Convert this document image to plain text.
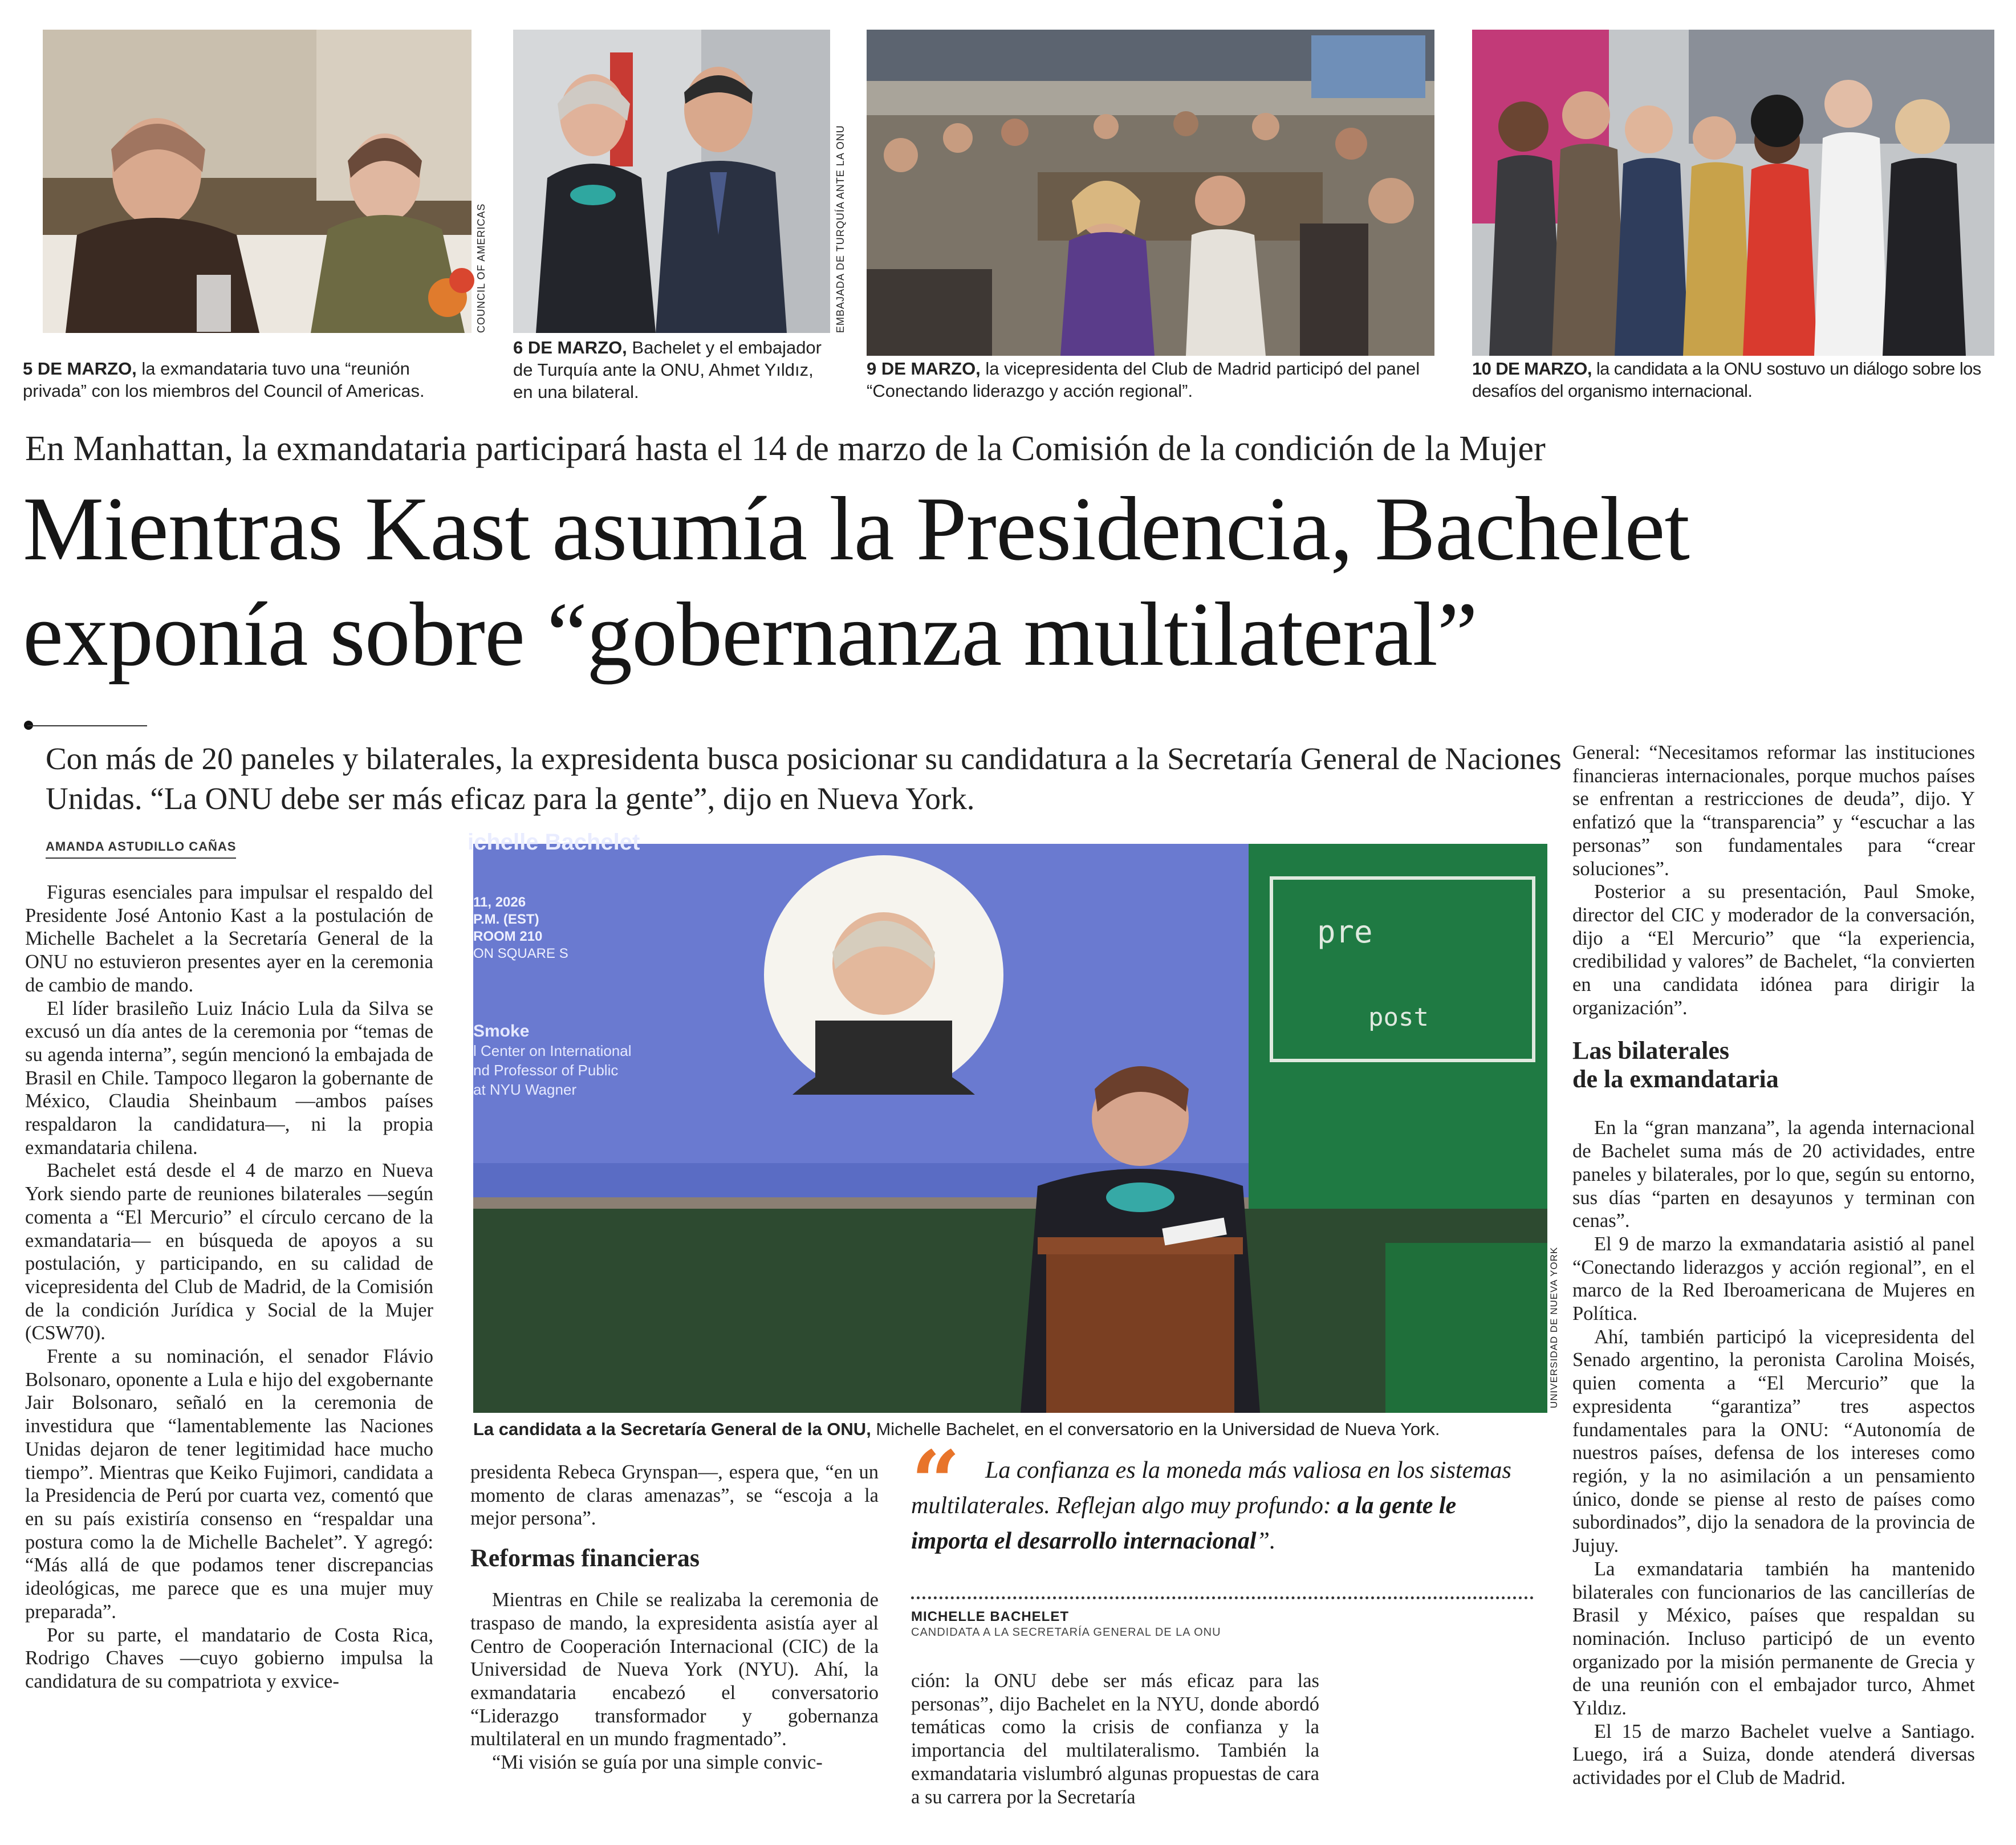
COUNCIL OF AMERICAS	EMBAJADA DE TURQUÍA ANTE LA ONU
5 DE MARZO, la exmandataria tuvo una “reunión privada” con los miembros del Council of Americas.
6 DE MARZO, Bachelet y el embajador de Turquía ante la ONU, Ahmet Yıldız, en una bilateral.
9 DE MARZO, la vicepresidenta del Club de Madrid participó del panel “Conectando liderazgo y acción regional”.
10 DE MARZO, la candidata a la ONU sostuvo un diálogo sobre los desafíos del organismo internacional.
En Manhattan, la exmandataria participará hasta el 14 de marzo de la Comisión de la condición de la Mujer
Mientras Kast asumía la Presidencia, Bachelet
exponía sobre “gobernanza multilateral”
Con más de 20 paneles y bilaterales, la expresidenta busca posicionar su candidatura a la Secretaría General de Naciones Unidas. “La ONU debe ser más eficaz para la gente”, dijo en Nueva York.
AMANDA ASTUDILLO CAÑAS	ichelle Bachelet
11, 2026
P.M. (EST)
ROOM 210
ON SQUARE S
Smoke
l Center on International
nd Professor of Public
at NYU Wagner
pre
post
UNIVERSIDAD DE NUEVA YORK
La candidata a la Secretaría General de la ONU, Michelle Bachelet, en el conversatorio en la Universidad de Nueva York.

Figuras esenciales para impulsar el respaldo del Presidente José Antonio Kast a la postulación de Michelle Bachelet a la Secretaría General de la ONU no estuvieron presentes ayer en la ceremonia de cambio de mando.

El líder brasileño Luiz Inácio Lula da Silva se excusó un día antes de la ceremonia por “temas de su agenda interna”, según mencionó la embajada de Brasil en Chile. Tampoco llegaron la gobernante de México, Claudia Sheinbaum —ambos países respaldaron la candidatura—, ni la propia exmandataria chilena.

Bachelet está desde el 4 de marzo en Nueva York siendo parte de reuniones bilaterales —según comenta a “El Mercurio” el círculo cercano de la exmandataria— en búsqueda de apoyos a su postulación, y participando, en su calidad de vicepresidenta del Club de Madrid, de la Comisión de la condición Jurídica y Social de la Mujer (CSW70).

Frente a su nominación, el senador Flávio Bolsonaro, oponente a Lula e hijo del exgobernante Jair Bolsonaro, señaló en la ceremonia de investidura que “lamentablemente las Naciones Unidas dejaron de tener legitimidad hace mucho tiempo”. Mientras que Keiko Fujimori, candidata a la Presidencia de Perú por cuarta vez, comentó que en su país existiría consenso en “respaldar una postura como la de Michelle Bachelet”. Y agregó: “Más allá de que podamos tener discrepancias ideológicas, me parece que es una mujer muy preparada”.

Por su parte, el mandatario de Costa Rica, Rodrigo Chaves —cuyo gobierno impulsa la candidatura de su compatriota y exvice-

presidenta Rebeca Grynspan—, espera que, “en un momento de claras amenazas”, se “escoja a la mejor persona”.

Reformas financieras

Mientras en Chile se realizaba la ceremonia de traspaso de mando, la expresidenta asistía ayer al Centro de Cooperación Internacional (CIC) de la Universidad de Nueva York (NYU). Ahí, la exmandataria encabezó el conversatorio “Liderazgo transformador y gobernanza multilateral en un mundo fragmentado”.

“Mi visión se guía por una simple convic-

“	La confianza es la moneda más valiosa en los sistemas multilaterales. Reflejan algo muy profundo: a la gente le importa el desarrollo internacional”.
MICHELLE BACHELET
CANDIDATA A LA SECRETARÍA GENERAL DE LA ONU

ción: la ONU debe ser más eficaz para las personas”, dijo Bachelet en la NYU, donde abordó temáticas como la crisis de confianza y la importancia del multilateralismo. También la exmandataria vislumbró algunas propuestas de cara a su carrera por la Secretaría

General: “Necesitamos reformar las instituciones financieras internacionales, porque muchos países se enfrentan a restricciones de deuda”, dijo. Y enfatizó que la “transparencia” y “escuchar a las personas” son fundamentales para “crear soluciones”.

Posterior a su presentación, Paul Smoke, director del CIC y moderador de la conversación, dijo a “El Mercurio” que “la experiencia, credibilidad y valores” de Bachelet, “la convierten en una candidata idónea para dirigir la organización”.

Las bilaterales
de la exmandataria

En la “gran manzana”, la agenda internacional de Bachelet suma más de 20 actividades, entre paneles y bilaterales, por lo que, según su entorno, sus días “parten en desayunos y terminan con cenas”.

El 9 de marzo la exmandataria asistió al panel “Conectando liderazgos y acción regional”, en el marco de la Red Iberoamericana de Mujeres en Política.

Ahí, también participó la vicepresidenta del Senado argentino, la peronista Carolina Moisés, quien comenta a “El Mercurio” que la expresidenta “garantiza” tres aspectos fundamentales para la ONU: “Autonomía de nuestros países, defensa de los intereses como región, y la no asimilación a un pensamiento único, donde se piense al resto de países como subordinados”, dijo la senadora de la provincia de Jujuy.

La exmandataria también ha mantenido bilaterales con funcionarios de las cancillerías de Brasil y México, países que respaldan su nominación. Incluso participó de un evento organizado por la misión permanente de Grecia y de una reunión con el embajador turco, Ahmet Yıldız.

El 15 de marzo Bachelet vuelve a Santiago. Luego, irá a Suiza, donde atenderá diversas actividades por el Club de Madrid.
